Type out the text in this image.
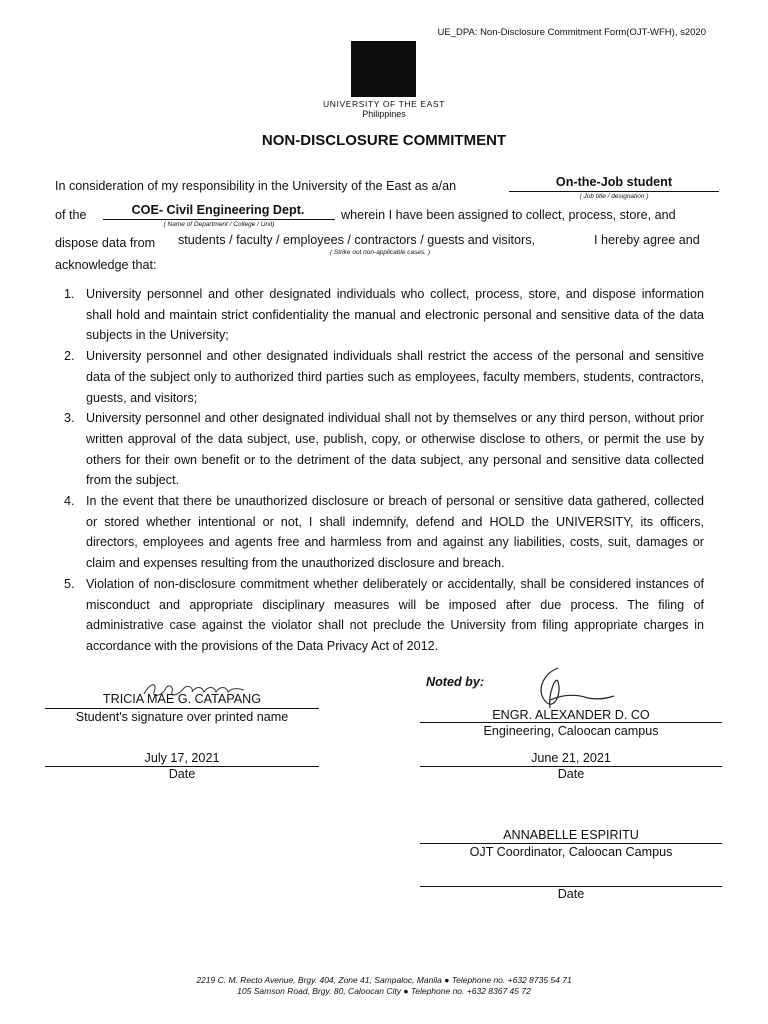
UE_DPA: Non-Disclosure Commitment Form(OJT-WFH), s2020
UNIVERSITY OF THE EAST
Philippines
NON-DISCLOSURE COMMITMENT
In consideration of my responsibility in the University of the East as a/an	On-the-Job student
( Job title / designation )
of the	COE- Civil Engineering Dept.
( Name of Department / College / Unit)
wherein I have been assigned to collect, process, store, and
dispose data from students / faculty / employees / contractors / guests and visitors,	I hereby agree and
( Strike out non-applicable cases. )
acknowledge that:
1. University personnel and other designated individuals who collect, process, store, and dispose information shall hold and maintain strict confidentiality the manual and electronic personal and sensitive data of the data subjects in the University;
2. University personnel and other designated individuals shall restrict the access of the personal and sensitive data of the subject only to authorized third parties such as employees, faculty members, students, contractors, guests, and visitors;
3. University personnel and other designated individual shall not by themselves or any third person, without prior written approval of the data subject, use, publish, copy, or otherwise disclose to others, or permit the use by others for their own benefit or to the detriment of the data subject, any personal and sensitive data collected from the subject.
4. In the event that there be unauthorized disclosure or breach of personal or sensitive data gathered, collected or stored whether intentional or not, I shall indemnify, defend and HOLD the UNIVERSITY, its officers, directors, employees and agents free and harmless from and against any liabilities, costs, suit, damages or claim and expenses resulting from the unauthorized disclosure and breach.
5. Violation of non-disclosure commitment whether deliberately or accidentally, shall be considered instances of misconduct and appropriate disciplinary measures will be imposed after due process. The filing of administrative case against the violator shall not preclude the University from filing appropriate charges in accordance with the provisions of the Data Privacy Act of 2012.
TRICIA MAE G. CATAPANG
Student's signature over printed name
July 17, 2021
Date
Noted by:
ENGR. ALEXANDER D. CO
Engineering, Caloocan campus
June 21, 2021
Date
ANNABELLE ESPIRITU
OJT Coordinator, Caloocan Campus
Date
2219 C. M. Recto Avenue, Brgy. 404, Zone 41, Sampaloc, Manila ● Telephone no. +632 8735 54 71
105 Samson Road, Brgy. 80, Caloocan City ● Telephone no. +632 8367 45 72
